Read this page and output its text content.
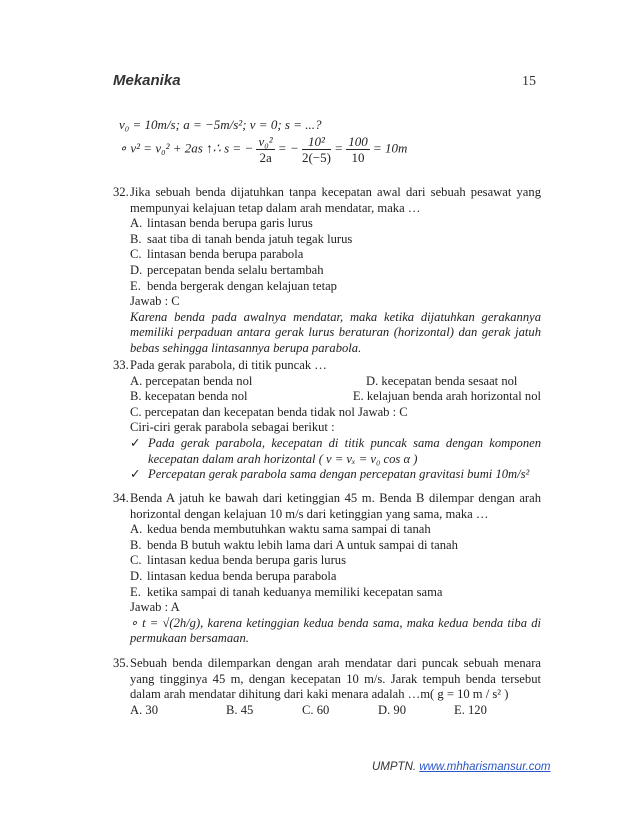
Mekanika	15
v₀ = 10m/s; a = −5m/s²; v = 0; s = ...?
∘ v² = v₀² + 2as ↑∴ s = − $\frac{\text{v₀²}}{2a}$ = − $\frac{\text{10²}}{2(-5)} = \frac{100}{10} = 10m$
32. Jika sebuah benda dijatuhkan tanpa kecepatan awal dari sebuah pesawat yang mempunyai kelajuan tetap dalam arah mendatar, maka …
A. lintasan benda berupa garis lurus
B. saat tiba di tanah benda jatuh tegak lurus
C. lintasan benda berupa parabola
D. percepatan benda selalu bertambah
E. benda bergerak dengan kelajuan tetap
Jawab : C
Karena benda pada awalnya mendatar, maka ketika dijatuhkan gerakannya memiliki perpaduan antara gerak lurus beraturan (horizontal) dan gerak jatuh bebas sehingga lintasannya berupa parabola.
33. Pada gerak parabola, di titik puncak …
A. percepatan benda nol	D. kecepatan benda sesaat nol
B. kecepatan benda nol	E. kelajuan benda arah horizontal nol
C. percepatan dan kecepatan benda tidak nol Jawab : C
Ciri-ciri gerak parabola sebagai berikut :
✓ Pada gerak parabola, kecepatan di titik puncak sama dengan komponen kecepatan dalam arah horizontal ( v = vₓ = v₀ cos α )
✓ Percepatan gerak parabola sama dengan percepatan gravitasi bumi 10m/s²
34. Benda A jatuh ke bawah dari ketinggian 45 m. Benda B dilempar dengan arah horizontal dengan kelajuan 10 m/s dari ketinggian yang sama, maka …
A. kedua benda membutuhkan waktu sama sampai di tanah
B. benda B butuh waktu lebih lama dari A untuk sampai di tanah
C. lintasan kedua benda berupa garis lurus
D. lintasan kedua benda berupa parabola
E. ketika sampai di tanah keduanya memiliki kecepatan sama
Jawab : A
∘ t = √(2h/g), karena ketinggian kedua benda sama, maka kedua benda tiba di permukaan bersamaan.
35. Sebuah benda dilemparkan dengan arah mendatar dari puncak sebuah menara yang tingginya 45 m, dengan kecepatan 10 m/s. Jarak tempuh benda tersebut dalam arah mendatar dihitung dari kaki menara adalah …m( g = 10 m / s² )
A. 30	B. 45	C. 60	D. 90	E. 120
UMPTN. www.mhharismansur.com
